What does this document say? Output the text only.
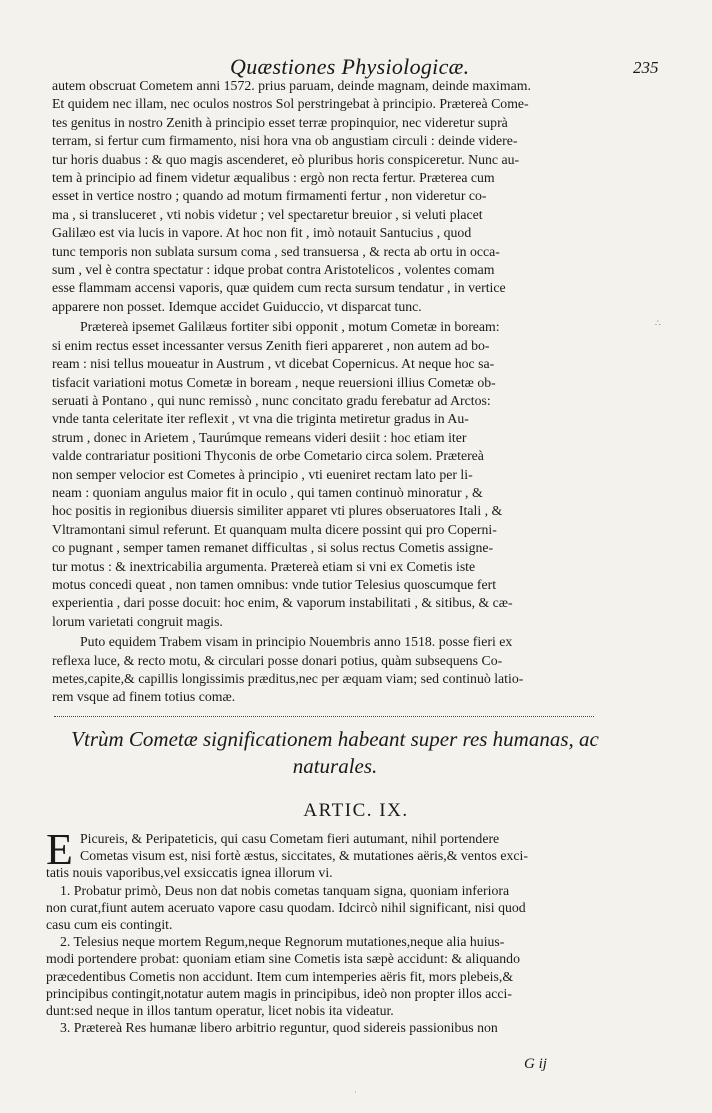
Quæstiones Physiologicæ.	235
autem obscruat Cometem anni 1572. prius paruam, deinde magnam, deinde maximam.
Et quidem nec illam, nec oculos nostros Sol perstringebat à principio. Prætereà Come-
tes genitus in nostro Zenith à principio esset terræ propinquior, nec videretur suprà
terram, si fertur cum firmamento, nisi hora vna ob angustiam circuli : deinde videre-
tur horis duabus : & quo magis ascenderet, eò pluribus horis conspiceretur. Nunc au-
tem à principio ad finem videtur æqualibus : ergò non recta fertur. Præterea cum
esset in vertice nostro ; quando ad motum firmamenti fertur , non videretur co-
ma , si transluceret , vti nobis videtur ; vel spectaretur breuior , si veluti placet
Galilæo est via lucis in vapore. At hoc non fit , imò notauit Santucius , quod
tunc temporis non sublata sursum coma , sed transuersa , & recta ab ortu in occa-
sum , vel è contra spectatur : idque probat contra Aristotelicos , volentes comam
esse flammam accensi vaporis, quæ quidem cum recta sursum tendatur , in vertice
apparere non posset. Idemque accidet Guiduccio, vt disparcat tunc.
Prætereà ipsemet Galilæus fortiter sibi opponit , motum Cometæ in boream:
si enim rectus esset incessanter versus Zenith fieri appareret , non autem ad bo-
ream : nisi tellus moueatur in Austrum , vt dicebat Copernicus. At neque hoc sa-
tisfacit variationi motus Cometæ in boream , neque reuersioni illius Cometæ ob-
seruati à Pontano , qui nunc remissò , nunc concitato gradu ferebatur ad Arctos:
vnde tanta celeritate iter reflexit , vt vna die triginta metiretur gradus in Au-
strum , donec in Arietem , Taurúmque remeans videri desiit : hoc etiam iter
valde contrariatur positioni Thyconis de orbe Cometario circa solem. Prætereà
non semper velocior est Cometes à principio , vti eueniret rectam lato per li-
neam : quoniam angulus maior fit in oculo , qui tamen continuò minoratur , &
hoc positis in regionibus diuersis similiter apparet vti plures obseruatores Itali , &
Vltramontani simul referunt. Et quanquam multa dicere possint qui pro Coperni-
co pugnant , semper tamen remanet difficultas , si solus rectus Cometis assigne-
tur motus : & inextricabilia argumenta. Prætereà etiam si vni ex Cometis iste
motus concedi queat , non tamen omnibus: vnde tutior Telesius quoscumque fert
experientia , dari posse docuit: hoc enim, & vaporum instabilitati , & sitibus, & cæ-
lorum varietati congruit magis.
Puto equidem Trabem visam in principio Nouembris anno 1518. posse fieri ex
reflexa luce, & recto motu, & circulari posse donari potius, quàm subsequens Co-
metes,capite,& capillis longissimis præditus,nec per æquam viam; sed continuò latio-
rem vsque ad finem totius comæ.
Vtrùm Cometæ significationem habeant super res humanas, ac
naturales.
ARTIC. IX.
E Picureis, & Peripateticis, qui casu Cometam fieri autumant, nihil portendere
Cometas visum est, nisi fortè æstus, siccitates, & mutationes aëris,& ventos exci-
tatis nouis vaporibus,vel exsiccatis ignea illorum vi.
1. Probatur primò, Deus non dat nobis cometas tanquam signa, quoniam inferiora
non curat,fiunt autem aceruato vapore casu quodam. Idcircò nihil significant, nisi quod
casu cum eis contingit.
2. Telesius neque mortem Regum,neque Regnorum mutationes,neque alia huius-
modi portendere probat: quoniam etiam sine Cometis ista sæpè accidunt: & aliquando
præcedentibus Cometis non accidunt. Item cum intemperies aëris fit, mors plebeis,&
principibus contingit,notatur autem magis in principibus, ideò non propter illos acci-
dunt:sed neque in illos tantum operatur, licet nobis ita videatur.
3. Prætereà Res humanæ libero arbitrio reguntur, quod sidereis passionibus non
G ij
∴
ˈ
